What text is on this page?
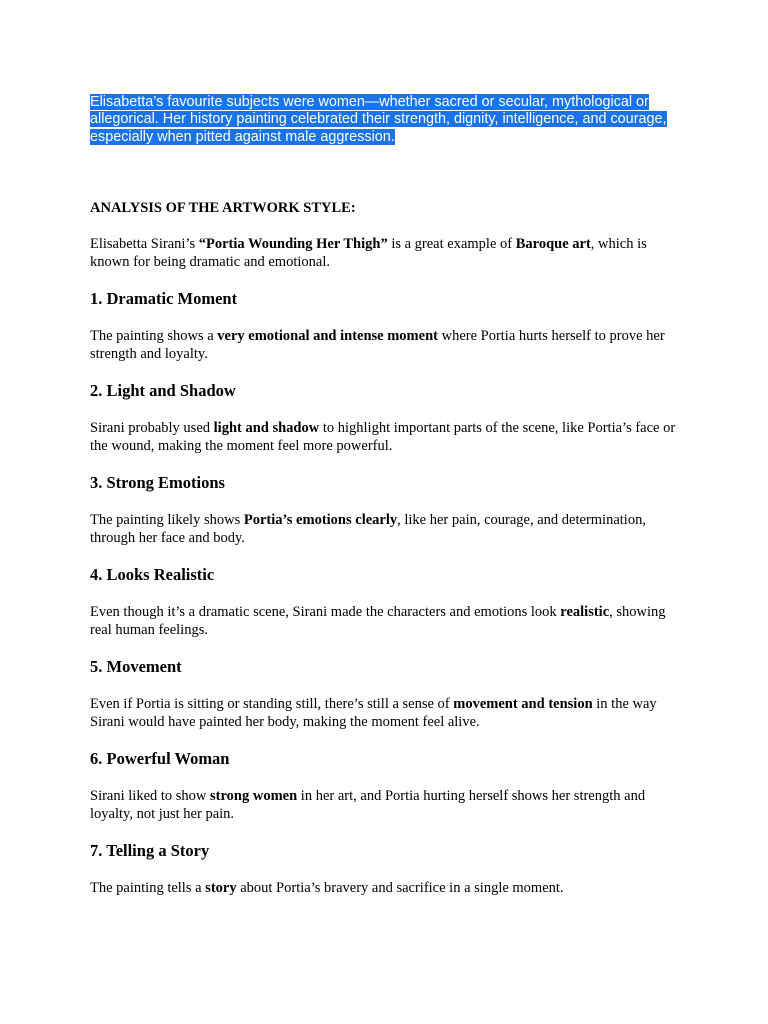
Elisabetta’s favourite subjects were women—whether sacred or secular, mythological or allegorical. Her history painting celebrated their strength, dignity, intelligence, and courage, especially when pitted against male aggression.
ANALYSIS OF THE ARTWORK STYLE:
Elisabetta Sirani’s “Portia Wounding Her Thigh” is a great example of Baroque art, which is known for being dramatic and emotional.
1. Dramatic Moment
The painting shows a very emotional and intense moment where Portia hurts herself to prove her strength and loyalty.
2. Light and Shadow
Sirani probably used light and shadow to highlight important parts of the scene, like Portia’s face or the wound, making the moment feel more powerful.
3. Strong Emotions
The painting likely shows Portia’s emotions clearly, like her pain, courage, and determination, through her face and body.
4. Looks Realistic
Even though it’s a dramatic scene, Sirani made the characters and emotions look realistic, showing real human feelings.
5. Movement
Even if Portia is sitting or standing still, there’s still a sense of movement and tension in the way Sirani would have painted her body, making the moment feel alive.
6. Powerful Woman
Sirani liked to show strong women in her art, and Portia hurting herself shows her strength and loyalty, not just her pain.
7. Telling a Story
The painting tells a story about Portia’s bravery and sacrifice in a single moment.
